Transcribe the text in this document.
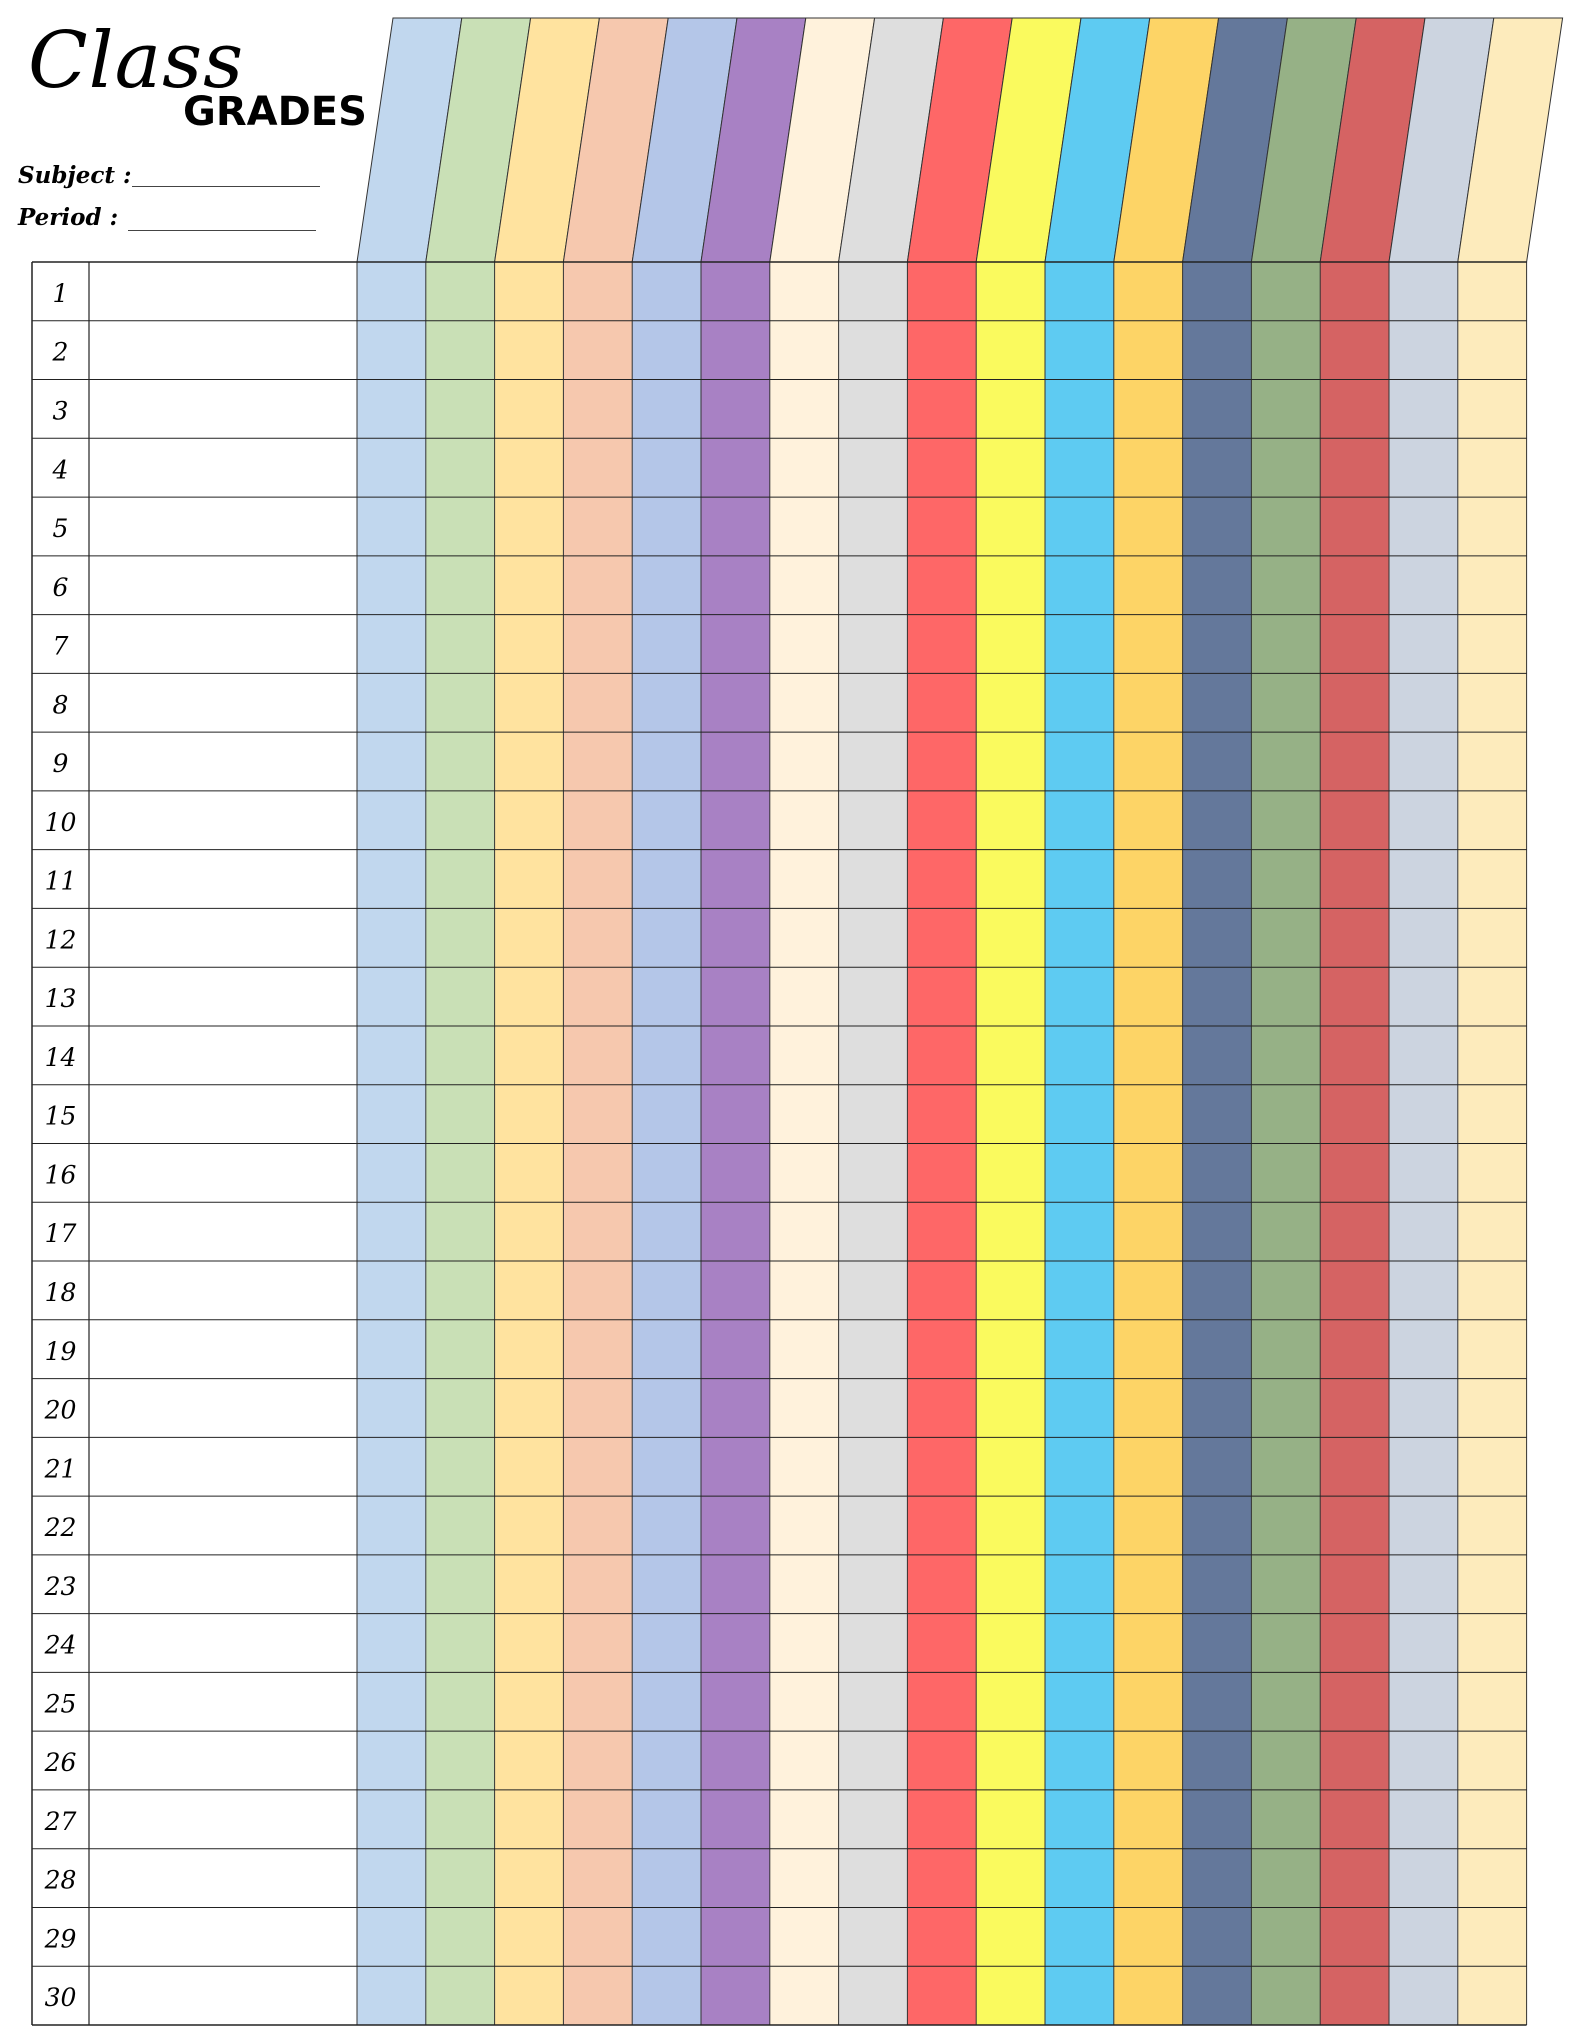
Class
GRADES
Subject :
Period :
1
2
3
4
5
6
7
8
9
10
11
12
13
14
15
16
17
18
19
20
21
22
23
24
25
26
27
28
29
30
